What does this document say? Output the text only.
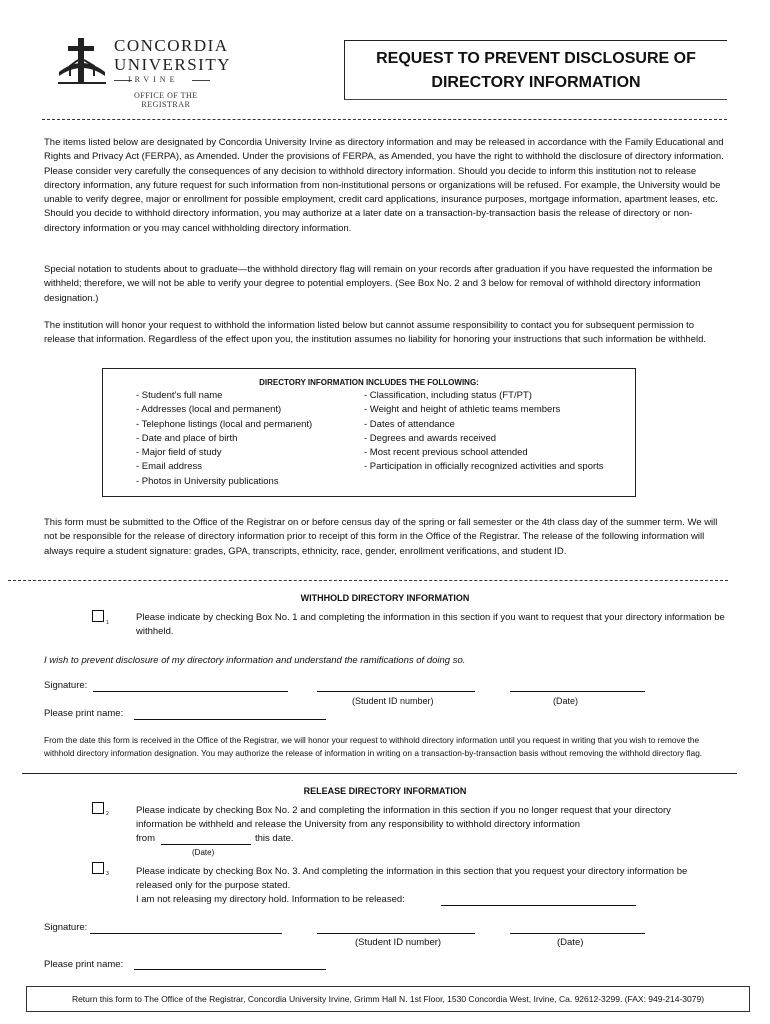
CONCORDIA
UNIVERSITY
IRVINE
OFFICE OF THE
REGISTRAR
REQUEST TO PREVENT DISCLOSURE OF
DIRECTORY INFORMATION
The items listed below are designated by Concordia University Irvine as directory information and may be released in accordance with the Family Educational and Rights and Privacy Act (FERPA), as Amended. Under the provisions of FERPA, as Amended, you have the right to withhold the disclosure of directory information. Please consider very carefully the consequences of any decision to withhold directory information. Should you decide to inform this institution not to release directory information, any future request for such information from non-institutional persons or organizations will be refused. For example, the University would be unable to verify degree, major or enrollment for possible employment, credit card applications, insurance purposes, mortgage information, apartment leases, etc. Should you decide to withhold directory information, you may authorize at a later date on a transaction-by-transaction basis the release of directory or non-directory information or you may cancel withholding directory information.
Special notation to students about to graduate—the withhold directory flag will remain on your records after graduation if you have requested the information be withheld; therefore, we will not be able to verify your degree to potential employers. (See Box No. 2 and 3 below for removal of withhold directory information designation.)
The institution will honor your request to withhold the information listed below but cannot assume responsibility to contact you for subsequent permission to release that information. Regardless of the effect upon you, the institution assumes no liability for honoring your instructions that such information be withheld.
DIRECTORY INFORMATION INCLUDES THE FOLLOWING:
- Student’s full name
- Addresses (local and permanent)
- Telephone listings (local and permanent)
- Date and place of birth
- Major field of study
- Email address
- Photos in University publications
- Classification, including status (FT/PT)
- Weight and height of athletic teams members
- Dates of attendance
- Degrees and awards received
- Most recent previous school attended
- Participation in officially recognized activities and sports
This form must be submitted to the Office of the Registrar on or before census day of the spring or fall semester or the 4th class day of the summer term. We will not be responsible for the release of directory information prior to receipt of this form in the Office of the Registrar. The release of the following information will always require a student signature: grades, GPA, transcripts, ethnicity, race, gender, enrollment verifications, and student ID.
WITHHOLD DIRECTORY INFORMATION
1	Please indicate by checking Box No. 1 and completing the information in this section if you want to request that your directory information be withheld.
I wish to prevent disclosure of my directory information and understand the ramifications of doing so.
Signature:
(Student ID number)	(Date)
Please print name:
From the date this form is received in the Office of the Registrar, we will honor your request to withhold directory information until you request in writing that you wish to remove the withhold directory information designation. You may authorize the release of information in writing on a transaction-by-transaction basis without removing the withhold directory flag.
RELEASE DIRECTORY INFORMATION
2	Please indicate by checking Box No. 2 and completing the information in this section if you no longer request that your directory information be withheld and release the University from any responsibility to withhold directory information
from	this date.
(Date)
3	Please indicate by checking Box No. 3. And completing the information in this section that you request your directory information be released only for the purpose stated.
I am not releasing my directory hold. Information to be released:
Signature:
(Student ID number)	(Date)
Please print name:
Return this form to The Office of the Registrar, Concordia University Irvine, Grimm Hall N. 1st Floor, 1530 Concordia West, Irvine, Ca. 92612-3299. (FAX: 949-214-3079)
